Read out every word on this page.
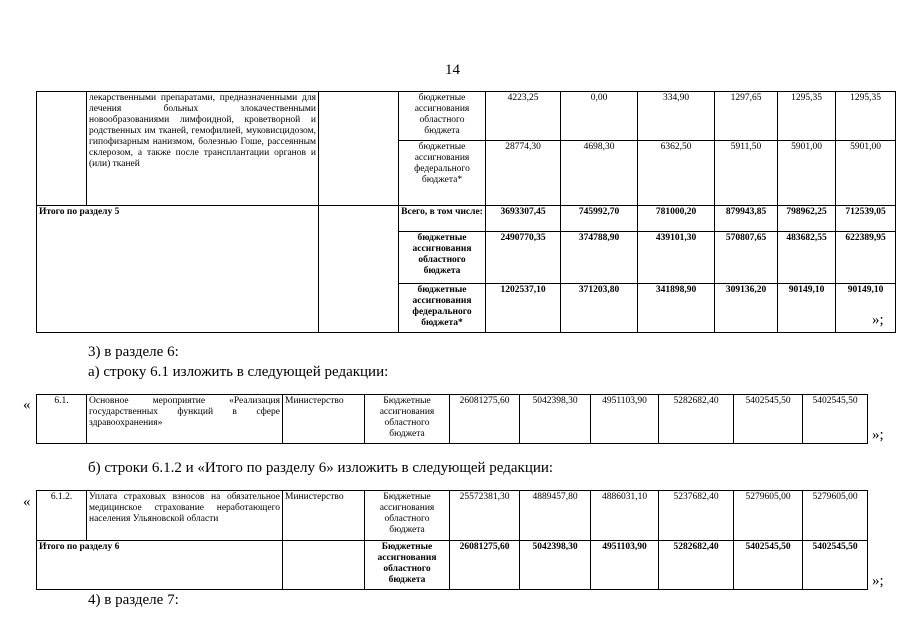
14
	лекарственными препаратами, предназначенными для лечения больных злокачественными новообразованиями лимфоидной, кроветворной и родственных им тканей, гемофилией, муковисцидозом, гипофизарным нанизмом, болезнью Гоше, рассеянным склерозом, а также после трансплантации органов и (или) тканей		бюджетные ассигнования областного бюджета	4223,25	0,00	334,90	1297,65	1295,35	1295,35
			бюджетные ассигнования федерального бюджета*	28774,30	4698,30	6362,50	5911,50	5901,00	5901,00
Итого по разделу 5			Всего, в том числе:	3693307,45	745992,70	781000,20	879943,85	798962,25	712539,05
			бюджетные ассигнования областного бюджета	2490770,35	374788,90	439101,30	570807,65	483682,55	622389,95
			бюджетные ассигнования федерального бюджета*	1202537,10	371203,80	341898,90	309136,20	90149,10	90149,10
»;
3) в разделе 6:
а) строку 6.1 изложить в следующей редакции:
«	6.1.	Основное мероприятие «Реализация государственных функций в сфере здравоохранения»	Министерство	Бюджетные ассигнования областного бюджета	26081275,60	5042398,30	4951103,90	5282682,40	5402545,50	5402545,50
»;
б) строки 6.1.2 и «Итого по разделу 6» изложить в следующей редакции:
« 6.1.2.	Уплата страховых взносов на обязательное медицинское страхование неработающего населения Ульяновской области	Министерство	Бюджетные ассигнования областного бюджета	25572381,30	4889457,80	4886031,10	5237682,40	5279605,00	5279605,00
Итого по разделу 6			Бюджетные ассигнования областного бюджета	26081275,60	5042398,30	4951103,90	5282682,40	5402545,50	5402545,50
»;
4) в разделе 7:
